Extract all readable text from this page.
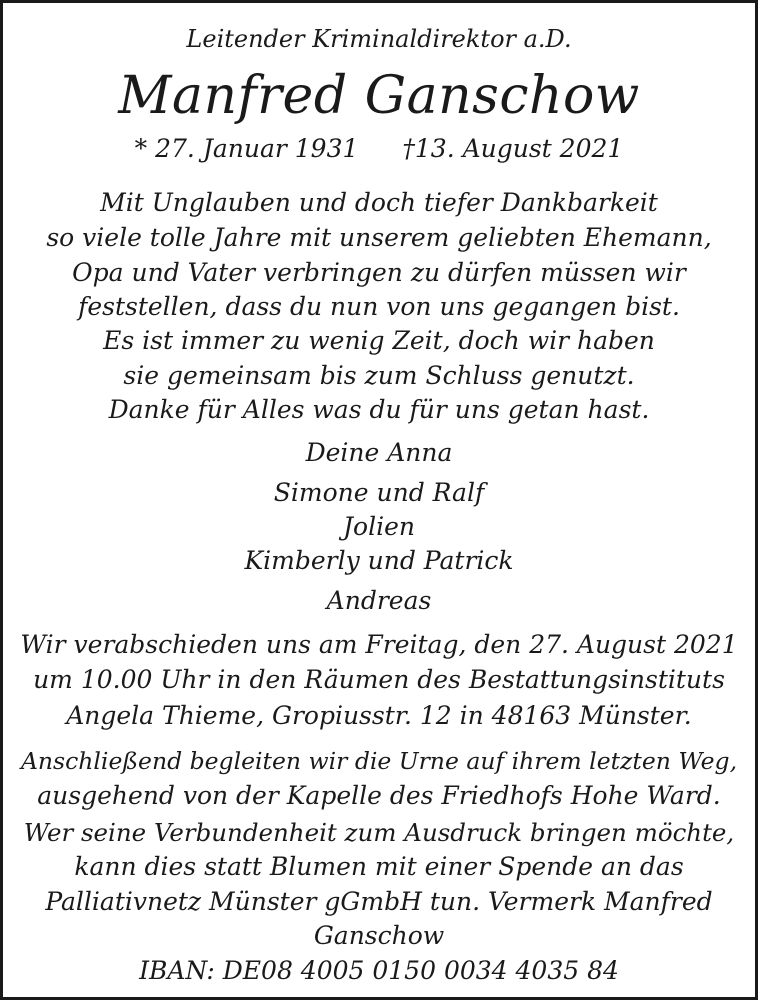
Leitender Kriminaldirektor a.D.
Manfred Ganschow
* 27. Januar 1931 †13. August 2021
Mit Unglauben und doch tiefer Dankbarkeit
so viele tolle Jahre mit unserem geliebten Ehemann,
Opa und Vater verbringen zu dürfen müssen wir
feststellen, dass du nun von uns gegangen bist.
Es ist immer zu wenig Zeit, doch wir haben
sie gemeinsam bis zum Schluss genutzt.
Danke für Alles was du für uns getan hast.
Deine Anna
Simone und Ralf
Jolien
Kimberly und Patrick
Andreas
Wir verabschieden uns am Freitag, den 27. August 2021
um 10.00 Uhr in den Räumen des Bestattungsinstituts
Angela Thieme, Gropiusstr. 12 in 48163 Münster.
Anschließend begleiten wir die Urne auf ihrem letzten Weg,
ausgehend von der Kapelle des Friedhofs Hohe Ward.
Wer seine Verbundenheit zum Ausdruck bringen möchte,
kann dies statt Blumen mit einer Spende an das
Palliativnetz Münster gGmbH tun. Vermerk Manfred
Ganschow
IBAN: DE08 4005 0150 0034 4035 84
